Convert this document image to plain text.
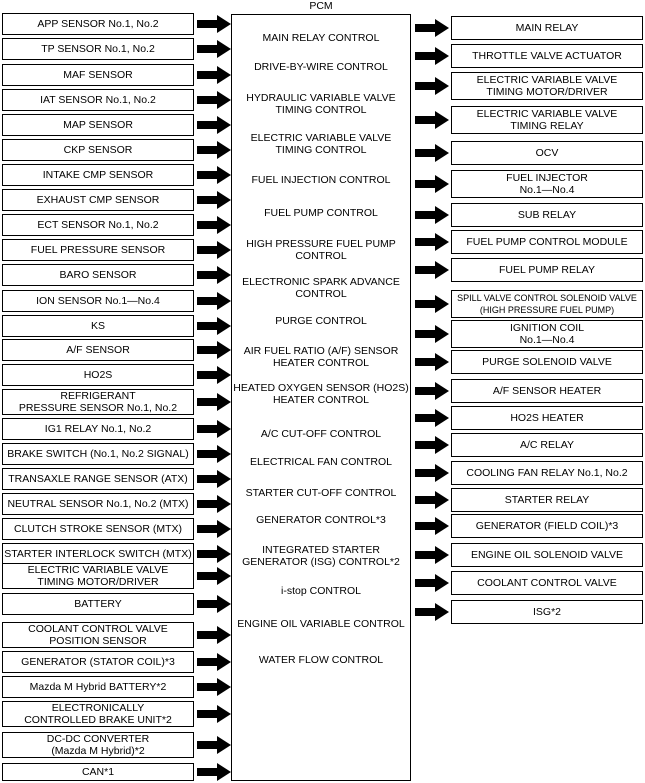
PCM
MAIN RELAY CONTROL
DRIVE-BY-WIRE CONTROL
HYDRAULIC VARIABLE VALVE
TIMING CONTROL
ELECTRIC VARIABLE VALVE
TIMING CONTROL
FUEL INJECTION CONTROL
FUEL PUMP CONTROL
HIGH PRESSURE FUEL PUMP
CONTROL
ELECTRONIC SPARK ADVANCE
CONTROL
PURGE CONTROL
AIR FUEL RATIO (A/F) SENSOR
HEATER CONTROL
HEATED OXYGEN SENSOR (HO2S)
HEATER CONTROL
A/C CUT-OFF CONTROL
ELECTRICAL FAN CONTROL
STARTER CUT-OFF CONTROL
GENERATOR CONTROL*3
INTEGRATED STARTER
GENERATOR (ISG) CONTROL*2
i-stop CONTROL
ENGINE OIL VARIABLE CONTROL
WATER FLOW CONTROL
APP SENSOR No.1, No.2
TP SENSOR No.1, No.2
MAF SENSOR
IAT SENSOR No.1, No.2
MAP SENSOR
CKP SENSOR
INTAKE CMP SENSOR
EXHAUST CMP SENSOR
ECT SENSOR No.1, No.2
FUEL PRESSURE SENSOR
BARO SENSOR
ION SENSOR No.1—No.4
KS
A/F SENSOR
HO2S
REFRIGERANT
PRESSURE SENSOR No.1, No.2
IG1 RELAY No.1, No.2
BRAKE SWITCH (No.1, No.2 SIGNAL)
TRANSAXLE RANGE SENSOR (ATX)
NEUTRAL SENSOR No.1, No.2 (MTX)
CLUTCH STROKE SENSOR (MTX)
STARTER INTERLOCK SWITCH (MTX)
ELECTRIC VARIABLE VALVE
TIMING MOTOR/DRIVER
BATTERY
COOLANT CONTROL VALVE
POSITION SENSOR
GENERATOR (STATOR COIL)*3
Mazda M Hybrid BATTERY*2
ELECTRONICALLY
CONTROLLED BRAKE UNIT*2
DC-DC CONVERTER
(Mazda M Hybrid)*2
CAN*1
MAIN RELAY
THROTTLE VALVE ACTUATOR
ELECTRIC VARIABLE VALVE
TIMING MOTOR/DRIVER
ELECTRIC VARIABLE VALVE
TIMING RELAY
OCV
FUEL INJECTOR
No.1—No.4
SUB RELAY
FUEL PUMP CONTROL MODULE
FUEL PUMP RELAY
SPILL VALVE CONTROL SOLENOID VALVE
(HIGH PRESSURE FUEL PUMP)
IGNITION COIL
No.1—No.4
PURGE SOLENOID VALVE
A/F SENSOR HEATER
HO2S HEATER
A/C RELAY
COOLING FAN RELAY No.1, No.2
STARTER RELAY
GENERATOR (FIELD COIL)*3
ENGINE OIL SOLENOID VALVE
COOLANT CONTROL VALVE
ISG*2
